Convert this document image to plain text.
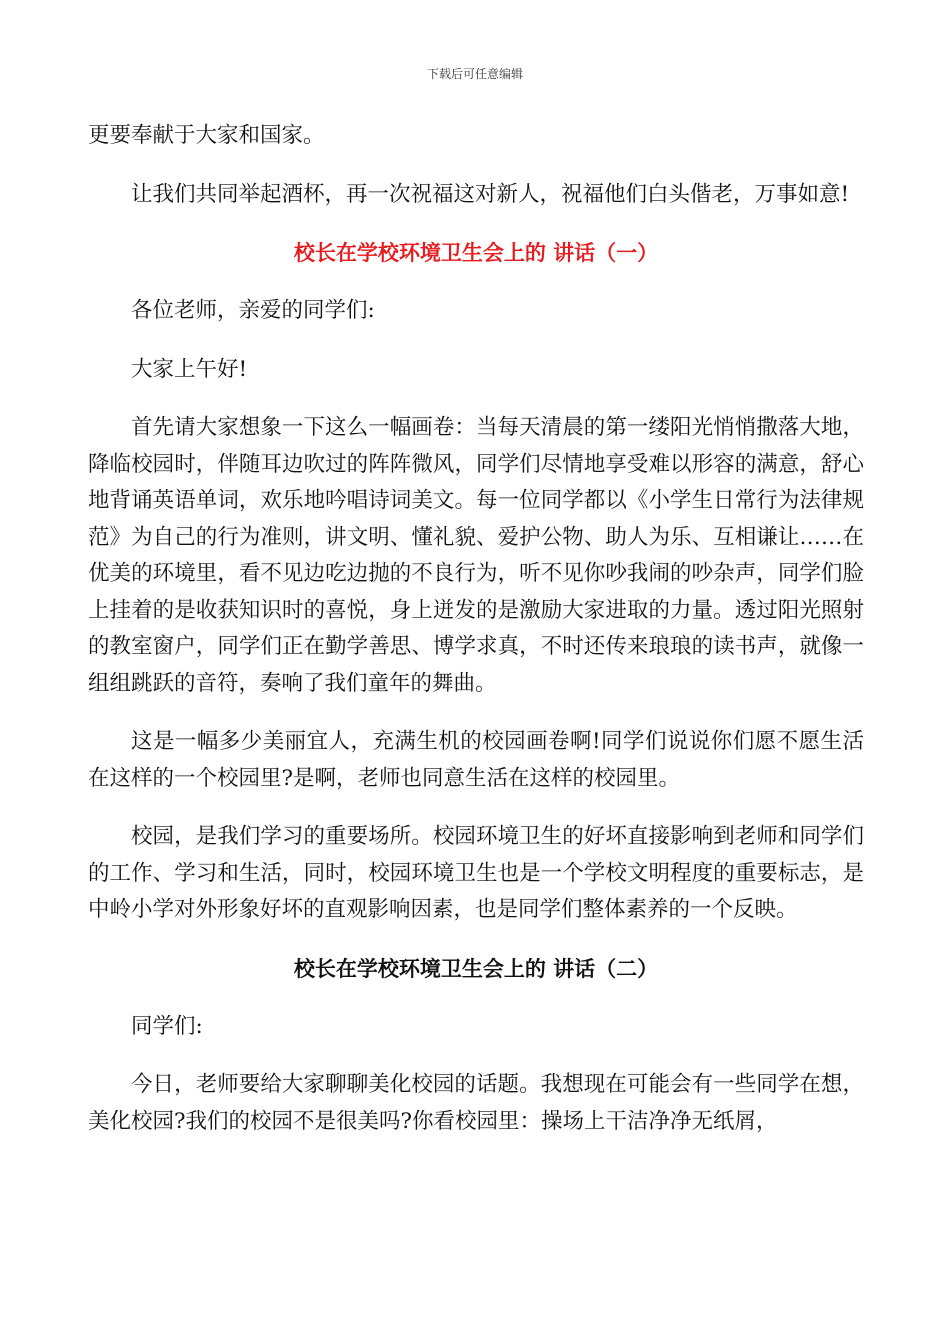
下载后可任意编辑

更要奉献于大家和国家。

让我们共同举起酒杯，再一次祝福这对新人，祝福他们白头偕老，万事如意!

校长在学校环境卫生会上的 讲话（一）

各位老师，亲爱的同学们:

大家上午好!

首先请大家想象一下这么一幅画卷：当每天清晨的第一缕阳光悄悄撒落大地，降临校园时，伴随耳边吹过的阵阵微风，同学们尽情地享受难以形容的满意，舒心地背诵英语单词，欢乐地吟唱诗词美文。每一位同学都以《小学生日常行为法律规范》为自己的行为准则，讲文明、懂礼貌、爱护公物、助人为乐、互相谦让……在优美的环境里，看不见边吃边抛的不良行为，听不见你吵我闹的吵杂声，同学们脸上挂着的是收获知识时的喜悦，身上迸发的是激励大家进取的力量。透过阳光照射的教室窗户，同学们正在勤学善思、博学求真，不时还传来琅琅的读书声，就像一组组跳跃的音符，奏响了我们童年的舞曲。

这是一幅多少美丽宜人，充满生机的校园画卷啊!同学们说说你们愿不愿生活在这样的一个校园里?是啊，老师也同意生活在这样的校园里。

校园，是我们学习的重要场所。校园环境卫生的好坏直接影响到老师和同学们的工作、学习和生活，同时，校园环境卫生也是一个学校文明程度的重要标志，是中岭小学对外形象好坏的直观影响因素，也是同学们整体素养的一个反映。

校长在学校环境卫生会上的 讲话（二）

同学们:

今日，老师要给大家聊聊美化校园的话题。我想现在可能会有一些同学在想，美化校园?我们的校园不是很美吗?你看校园里：操场上干洁净净无纸屑，
